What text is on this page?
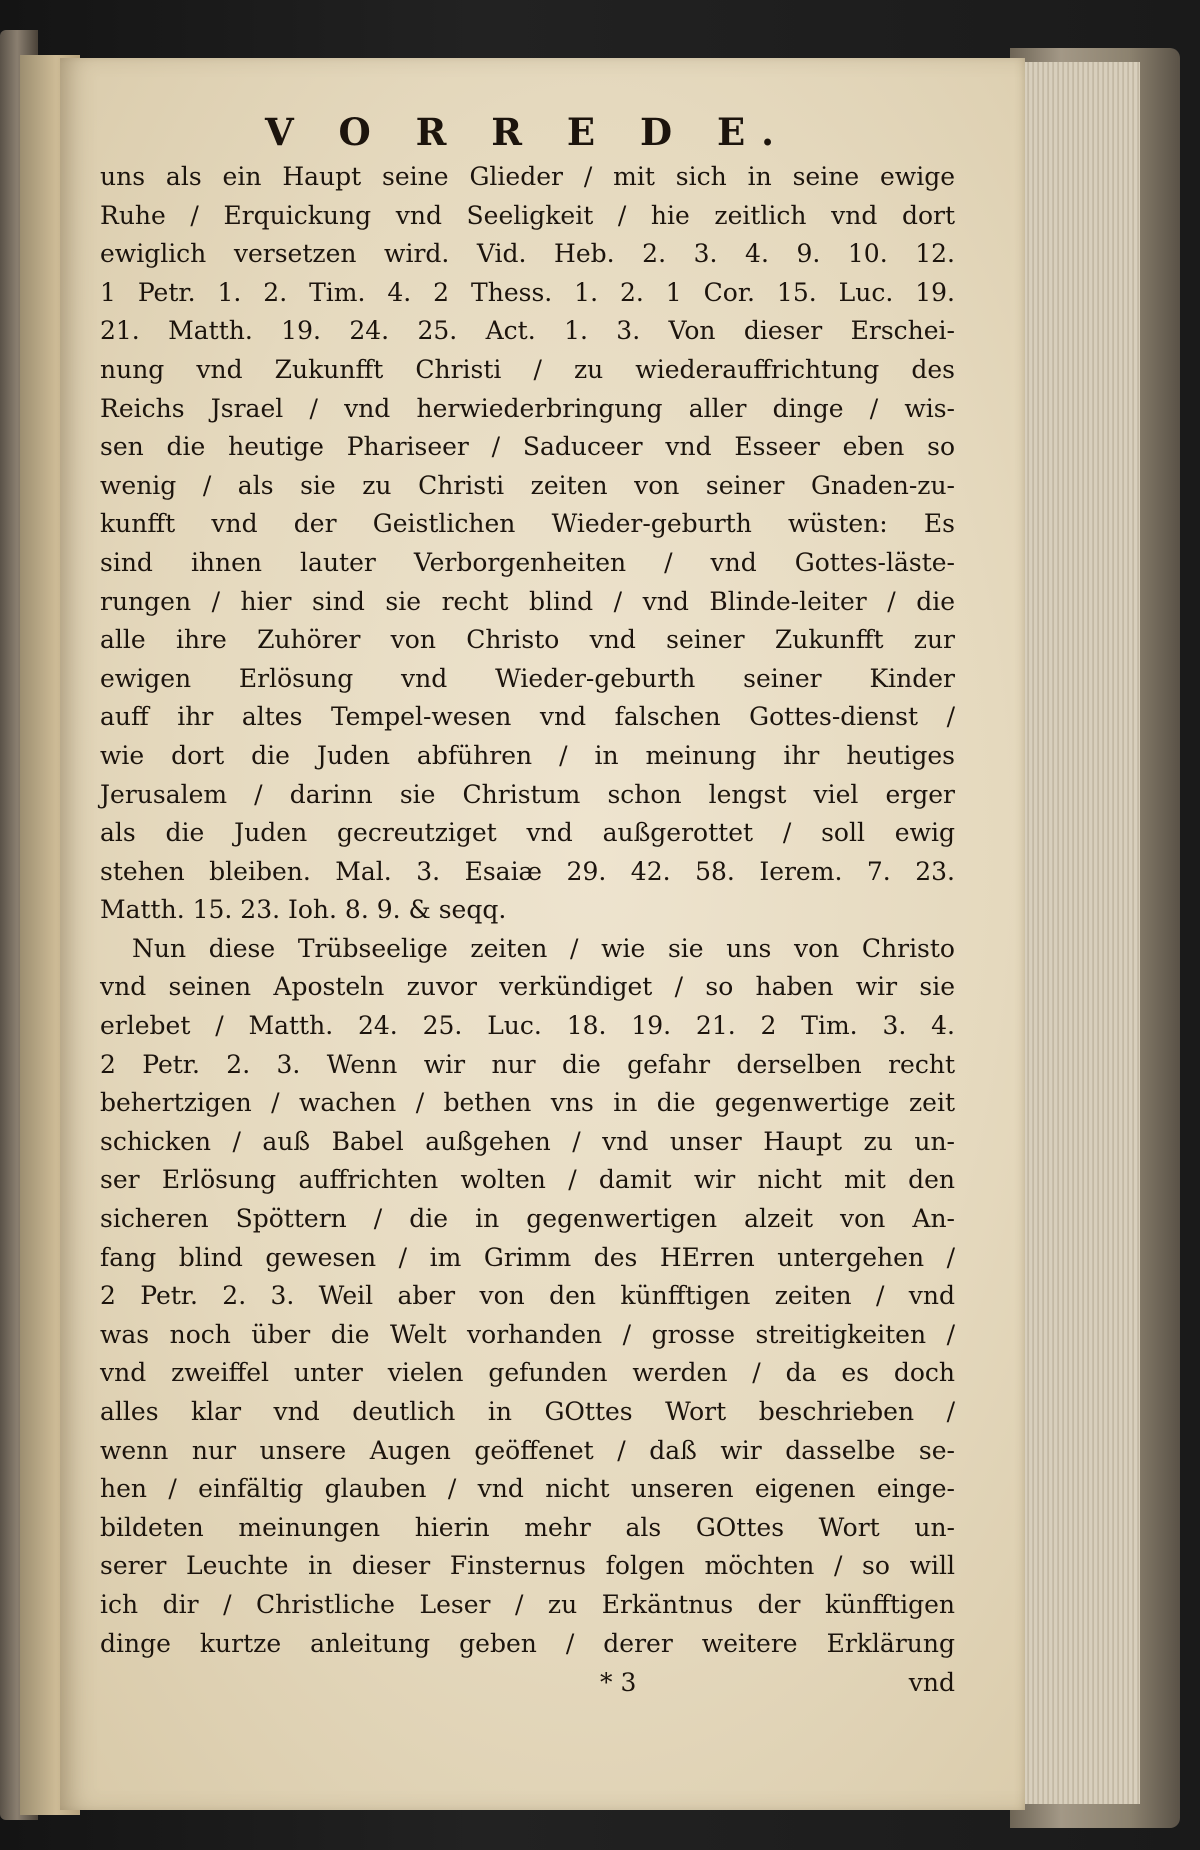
V O R R E D E.
uns als ein Haupt seine Glieder / mit sich in seine ewige
Ruhe / Erquickung vnd Seeligkeit / hie zeitlich vnd dort
ewiglich versetzen wird. Vid. Heb. 2. 3. 4. 9. 10. 12.
1 Petr. 1. 2. Tim. 4. 2 Thess. 1. 2. 1 Cor. 15. Luc. 19.
21. Matth. 19. 24. 25. Act. 1. 3. Von dieser Erschei-
nung vnd Zukunfft Christi / zu wiederauffrichtung des
Reichs Jsrael / vnd herwiederbringung aller dinge / wis-
sen die heutige Phariseer / Saduceer vnd Esseer eben so
wenig / als sie zu Christi zeiten von seiner Gnaden-zu-
kunfft vnd der Geistlichen Wieder-geburth wüsten: Es
sind ihnen lauter Verborgenheiten / vnd Gottes-läste-
rungen / hier sind sie recht blind / vnd Blinde-leiter / die
alle ihre Zuhörer von Christo vnd seiner Zukunfft zur
ewigen Erlösung vnd Wieder-geburth seiner Kinder
auff ihr altes Tempel-wesen vnd falschen Gottes-dienst /
wie dort die Juden abführen / in meinung ihr heutiges
Jerusalem / darinn sie Christum schon lengst viel erger
als die Juden gecreutziget vnd außgerottet / soll ewig
stehen bleiben. Mal. 3. Esaiæ 29. 42. 58. Ierem. 7. 23.
Matth. 15. 23. Ioh. 8. 9. & seqq.
Nun diese Trübseelige zeiten / wie sie uns von Christo
vnd seinen Aposteln zuvor verkündiget / so haben wir sie
erlebet / Matth. 24. 25. Luc. 18. 19. 21. 2 Tim. 3. 4.
2 Petr. 2. 3. Wenn wir nur die gefahr derselben recht
behertzigen / wachen / bethen vns in die gegenwertige zeit
schicken / auß Babel außgehen / vnd unser Haupt zu un-
ser Erlösung auffrichten wolten / damit wir nicht mit den
sicheren Spöttern / die in gegenwertigen alzeit von An-
fang blind gewesen / im Grimm des HErren untergehen /
2 Petr. 2. 3. Weil aber von den künfftigen zeiten / vnd
was noch über die Welt vorhanden / grosse streitigkeiten /
vnd zweiffel unter vielen gefunden werden / da es doch
alles klar vnd deutlich in GOttes Wort beschrieben /
wenn nur unsere Augen geöffenet / daß wir dasselbe se-
hen / einfältig glauben / vnd nicht unseren eigenen einge-
bildeten meinungen hierin mehr als GOttes Wort un-
serer Leuchte in dieser Finsternus folgen möchten / so will
ich dir / Christliche Leser / zu Erkäntnus der künfftigen
dinge kurtze anleitung geben / derer weitere Erklärung
* 3	vnd
